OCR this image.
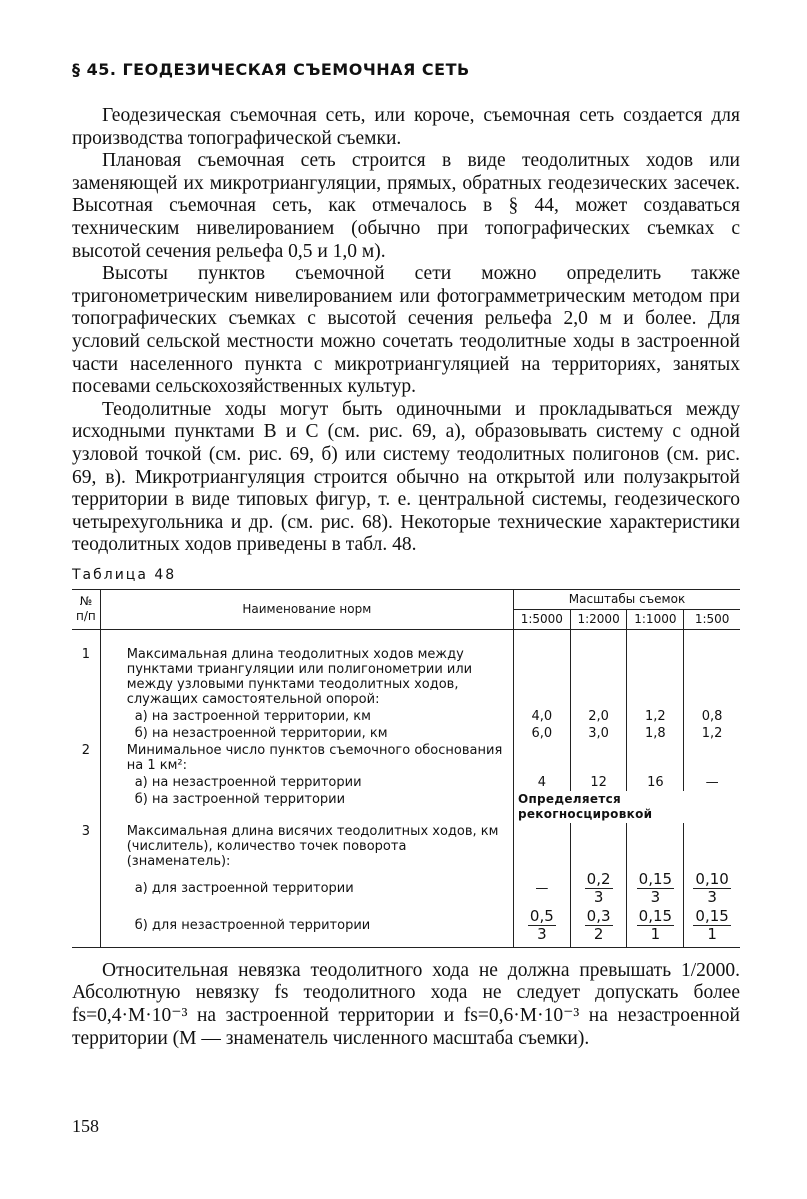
§ 45. ГЕОДЕЗИЧЕСКАЯ СЪЕМОЧНАЯ СЕТЬ

Геодезическая съемочная сеть, или короче, съемочная сеть создается для производства топографической съемки.

Плановая съемочная сеть строится в виде теодолитных ходов или заменяющей их микротриангуляции, прямых, обратных геодезических засечек. Высотная съемочная сеть, как отмечалось в § 44, может создаваться техническим нивелированием (обычно при топографических съемках с высотой сечения рельефа 0,5 и 1,0 м).

Высоты пунктов съемочной сети можно определить также тригонометрическим нивелированием или фотограмметрическим методом при топографических съемках с высотой сечения рельефа 2,0 м и более. Для условий сельской местности можно сочетать теодолитные ходы в застроенной части населенного пункта с микротриангуляцией на территориях, занятых посевами сельскохозяйственных культур.

Теодолитные ходы могут быть одиночными и прокладываться между исходными пунктами B и C (см. рис. 69, а), образовывать систему с одной узловой точкой (см. рис. 69, б) или систему теодолитных полигонов (см. рис. 69, в). Микротриангуляция строится обычно на открытой или полузакрытой территории в виде типовых фигур, т. е. центральной системы, геодезического четырехугольника и др. (см. рис. 68). Некоторые технические характеристики теодолитных ходов приведены в табл. 48.

Таблица 48
№ п/п	Наименование норм	Масштабы съемок			
		1:5000	1:2000	1:1000	1:500

1	Максимальная длина теодолитных ходов между пунктами триангуляции или полигонометрии или между узловыми пунктами теодолитных ходов, служащих самостоятельной опорой:				

	а) на застроенной территории, км	4,0	2,0	1,2	0,8

	б) на незастроенной территории, км	6,0	3,0	1,8	1,2
2	Минимальное число пунктов съемочного обоснования на 1 км²:				

	а) на незастроенной территории	4	12	16	—

	б) на застроенной территории	Определяется рекогносцировкой			
3	Максимальная длина висячих теодолитных ходов, км (числитель), количество точек поворота (знаменатель):				

	а) для застроенной территории	—	$\frac{0,2}{3}$	$\frac{0,15}{3}$	$\frac{0,10}{3}$

	б) для незастроенной территории	$\frac{0,5}{3}$	$\frac{0,3}{2}$	$\frac{0,15}{1}$	$\frac{0,15}{1}$

Относительная невязка теодолитного хода не должна превышать 1/2000. Абсолютную невязку fs теодолитного хода не следует допускать более fs=0,4·M·10⁻³ на застроенной территории и fs=0,6·M·10⁻³ на незастроенной территории (M — знаменатель численного масштаба съемки).

158
